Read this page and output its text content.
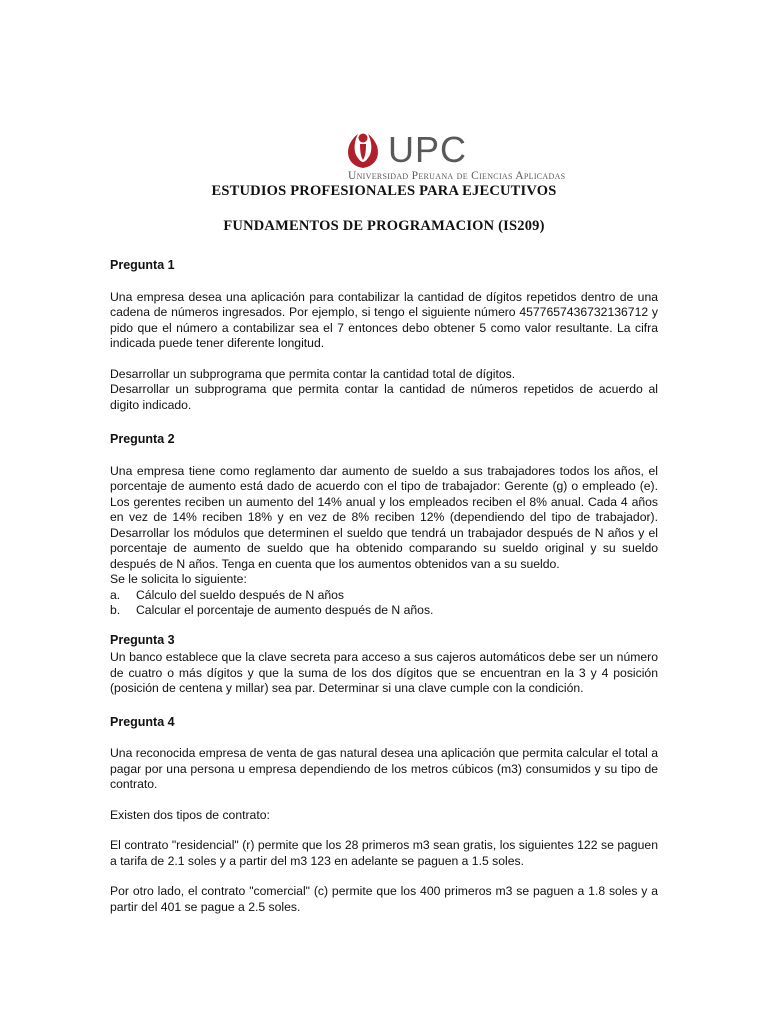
UPC
Universidad Peruana de Ciencias Aplicadas
ESTUDIOS PROFESIONALES PARA EJECUTIVOS
FUNDAMENTOS DE PROGRAMACION (IS209)
Pregunta 1

Una empresa desea una aplicación para contabilizar la cantidad de dígitos repetidos dentro de una cadena de números ingresados. Por ejemplo, si tengo el siguiente número 4577657436732136712 y pido que el número a contabilizar sea el 7 entonces debo obtener 5 como valor resultante. La cifra indicada puede tener diferente longitud.

Desarrollar un subprograma que permita contar la cantidad total de dígitos.

Desarrollar un subprograma que permita contar la cantidad de números repetidos de acuerdo al digito indicado.

Pregunta 2

Una empresa tiene como reglamento dar aumento de sueldo a sus trabajadores todos los años, el porcentaje de aumento está dado de acuerdo con el tipo de trabajador: Gerente (g) o empleado (e). Los gerentes reciben un aumento del 14% anual y los empleados reciben el 8% anual. Cada 4 años en vez de 14% reciben 18% y en vez de 8% reciben 12% (dependiendo del tipo de trabajador). Desarrollar los módulos que determinen el sueldo que tendrá un trabajador después de N años y el porcentaje de aumento de sueldo que ha obtenido comparando su sueldo original y su sueldo después de N años. Tenga en cuenta que los aumentos obtenidos van a su sueldo.

Se le solicita lo siguiente:

a. Cálculo del sueldo después de N años
b. Calcular el porcentaje de aumento después de N años.
Pregunta 3

Un banco establece que la clave secreta para acceso a sus cajeros automáticos debe ser un número de cuatro o más dígitos y que la suma de los dos dígitos que se encuentran en la 3 y 4 posición (posición de centena y millar) sea par. Determinar si una clave cumple con la condición.

Pregunta 4

Una reconocida empresa de venta de gas natural desea una aplicación que permita calcular el total a pagar por una persona u empresa dependiendo de los metros cúbicos (m3) consumidos y su tipo de contrato.

Existen dos tipos de contrato:

El contrato "residencial" (r) permite que los 28 primeros m3 sean gratis, los siguientes 122 se paguen a tarifa de 2.1 soles y a partir del m3 123 en adelante se paguen a 1.5 soles.

Por otro lado, el contrato "comercial" (c) permite que los 400 primeros m3 se paguen a 1.8 soles y a partir del 401 se pague a 2.5 soles.
